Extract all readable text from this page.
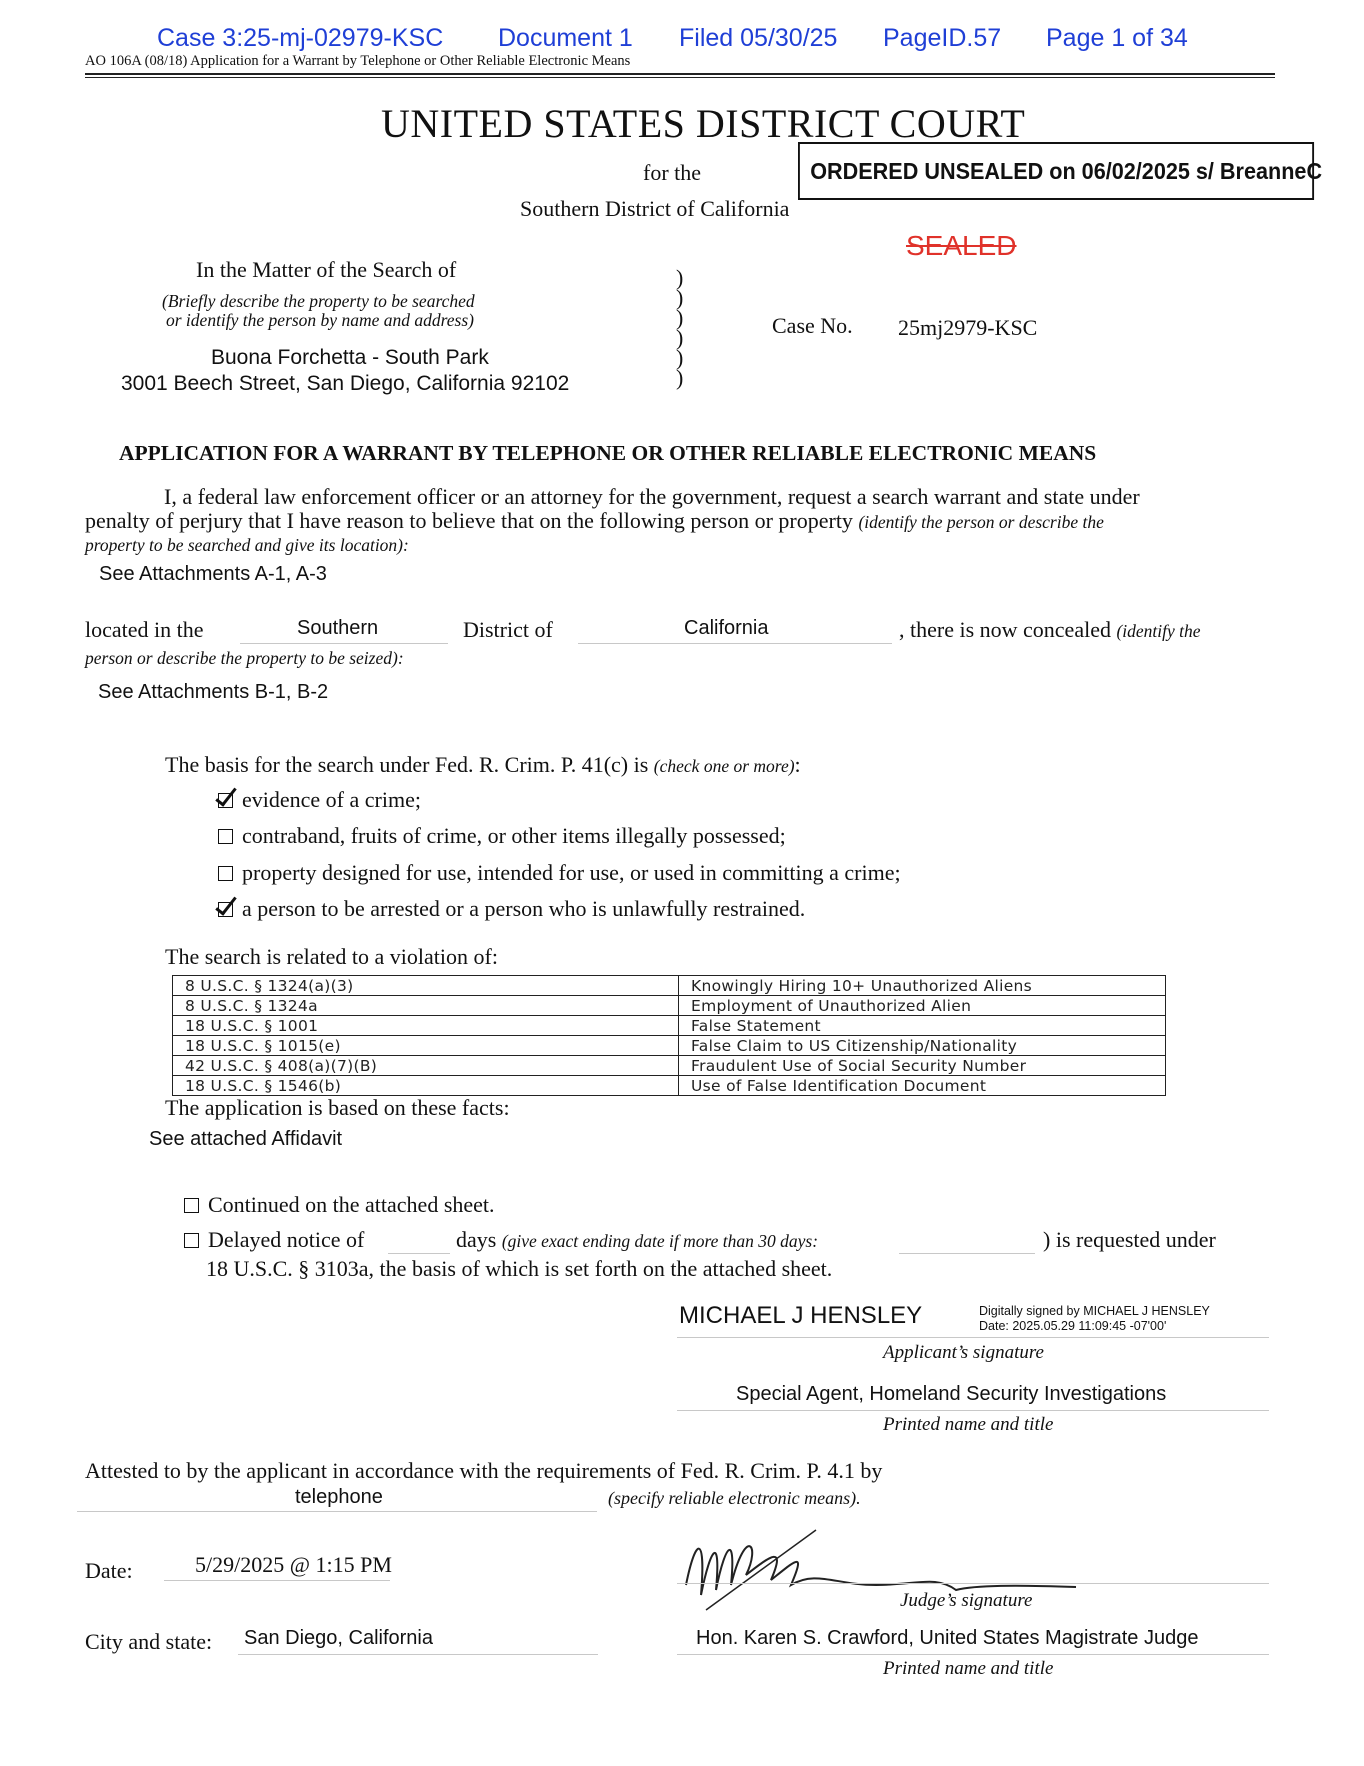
Case 3:25-mj-02979-KSC Document 1 Filed 05/30/25 PageID.57 Page 1 of 34
AO 106A (08/18) Application for a Warrant by Telephone or Other Reliable Electronic Means
UNITED STATES DISTRICT COURT
for the
Southern District of California
ORDERED UNSEALED on 06/02/2025 s/ BreanneC
SEALED
In the Matter of the Search of
(Briefly describe the property to be searched
or identify the person by name and address)
Buona Forchetta - South Park
3001 Beech Street, San Diego, California 92102
)
)
)
)
)
)
Case No. 25mj2979-KSC
APPLICATION FOR A WARRANT BY TELEPHONE OR OTHER RELIABLE ELECTRONIC MEANS
I, a federal law enforcement officer or an attorney for the government, request a search warrant and state under
penalty of perjury that I have reason to believe that on the following person or property (identify the person or describe the
property to be searched and give its location):
See Attachments A-1, A-3
located in the	Southern	District of	California	, there is now concealed (identify the
person or describe the property to be seized):
See Attachments B-1, B-2
The basis for the search under Fed. R. Crim. P. 41(c) is (check one or more):
evidence of a crime;
contraband, fruits of crime, or other items illegally possessed;
property designed for use, intended for use, or used in committing a crime;
a person to be arrested or a person who is unlawfully restrained.
The search is related to a violation of:
8 U.S.C. § 1324(a)(3)	Knowingly Hiring 10+ Unauthorized Aliens
8 U.S.C. § 1324a	Employment of Unauthorized Alien
18 U.S.C. § 1001	False Statement
18 U.S.C. § 1015(e)	False Claim to US Citizenship/Nationality
42 U.S.C. § 408(a)(7)(B)	Fraudulent Use of Social Security Number
18 U.S.C. § 1546(b)	Use of False Identification Document
The application is based on these facts:
See attached Affidavit
Continued on the attached sheet.
Delayed notice of	days (give exact ending date if more than 30 days:	) is requested under
18 U.S.C. § 3103a, the basis of which is set forth on the attached sheet.
MICHAEL J HENSLEY	Digitally signed by MICHAEL J HENSLEY
Date: 2025.05.29 11:09:45 -07'00'
Applicant’s signature
Special Agent, Homeland Security Investigations
Printed name and title
Attested to by the applicant in accordance with the requirements of Fed. R. Crim. P. 4.1 by
telephone	(specify reliable electronic means).
Date:	5/29/2025 @ 1:15 PM
Judge’s signature
City and state: San Diego, California	Hon. Karen S. Crawford, United States Magistrate Judge
Printed name and title
